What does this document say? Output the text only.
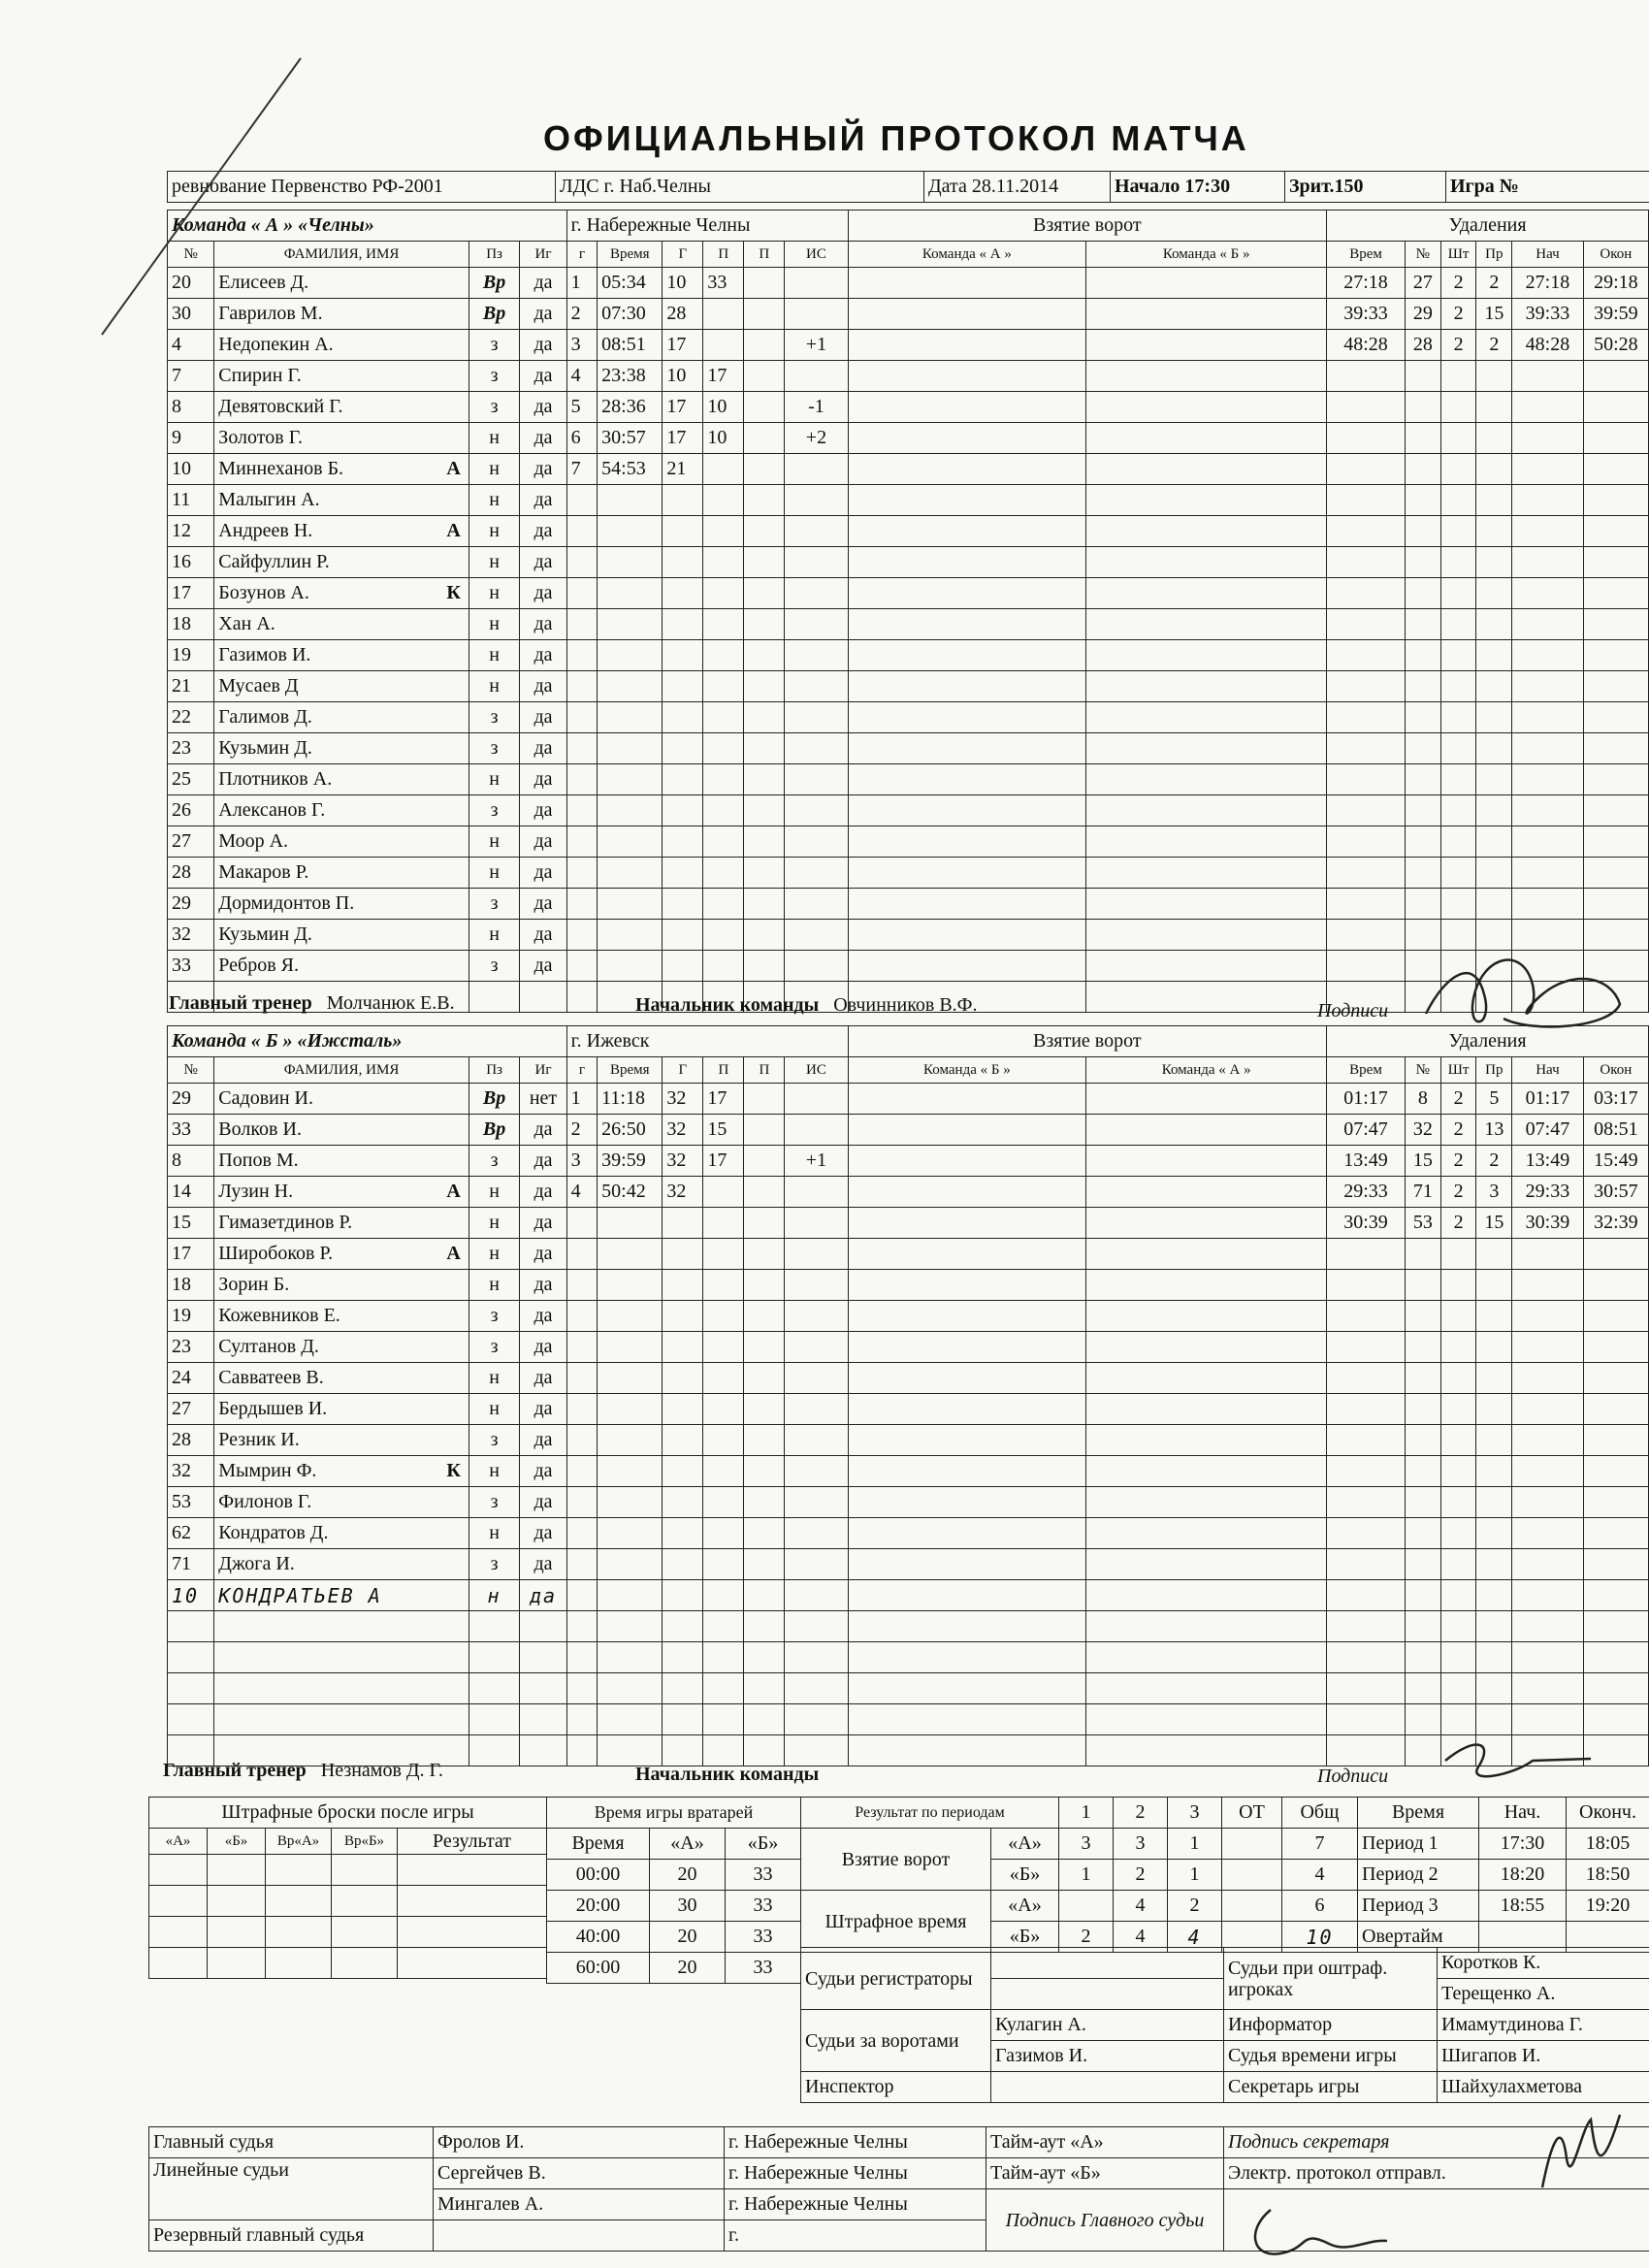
ОФИЦИАЛЬНЫЙ ПРОТОКОЛ МАТЧА
ревнование Первенство РФ-2001	ЛДС г. Наб.Челны	Дата 28.11.2014	Начало 17:30	Зрит.150	Игра №
Команда « А » «Челны»				г. Набережные Челны						Взятие ворот		Удаления					
№	ФАМИЛИЯ, ИМЯ	Пз	Иг	г	Время	Г	П	П	ИС	Команда « А »	Команда « Б »	Врем	№	Шт	Пр	Нач	Окон
20	Елисеев Д.	Вр	да	1	05:34	10	33					27:18	27	2	2	27:18	29:18
30	Гаврилов М.	Вр	да	2	07:30	28						39:33	29	2	15	39:33	39:59
4	Недопекин А.	з	да	3	08:51	17			+1			48:28	28	2	2	48:28	50:28
7	Спирин Г.	з	да	4	23:38	10	17										
8	Девятовский Г.	з	да	5	28:36	17	10		-1								
9	Золотов Г.	н	да	6	30:57	17	10		+2								
10	Миннеханов Б. А	н	да	7	54:53	21											
11	Малыгин А.	н	да														
12	Андреев Н. А	н	да														
16	Сайфуллин Р.	н	да														
17	Бозунов А. К	н	да														
18	Хан А.	н	да														
19	Газимов И.	н	да														
21	Мусаев Д	н	да														
22	Галимов Д.	з	да														
23	Кузьмин Д.	з	да														
25	Плотников А.	н	да														
26	Алексанов Г.	з	да														
27	Моор А.	н	да														
28	Макаров Р.	н	да														
29	Дормидонтов П.	з	да														
32	Кузьмин Д.	н	да														
33	Ребров Я.	з	да														

Главный тренер Молчанюк Е.В.	Начальник команды Овчинников В.Ф.	Подписи
Команда « Б » «Ижсталь»				г. Ижевск						Взятие ворот		Удаления					
№	ФАМИЛИЯ, ИМЯ	Пз	Иг	г	Время	Г	П	П	ИС	Команда « Б »	Команда « А »	Врем	№	Шт	Пр	Нач	Окон
29	Садовин И.	Вр	нет	1	11:18	32	17					01:17	8	2	5	01:17	03:17
33	Волков И.	Вр	да	2	26:50	32	15					07:47	32	2	13	07:47	08:51
8	Попов М.	з	да	3	39:59	32	17		+1			13:49	15	2	2	13:49	15:49
14	Лузин Н. А	н	да	4	50:42	32						29:33	71	2	3	29:33	30:57
15	Гимазетдинов Р.	н	да									30:39	53	2	15	30:39	32:39
17	Широбоков Р. А	н	да														
18	Зорин Б.	н	да														
19	Кожевников Е.	з	да														
23	Султанов Д.	з	да														
24	Савватеев В.	н	да														
27	Бердышев И.	н	да														
28	Резник И.	з	да														
32	Мымрин Ф. К	н	да														
53	Филонов Г.	з	да														
62	Кондратов Д.	н	да														
71	Джога И.	з	да														
10	КОНДРАТЬЕВ А	н	да														

Главный тренер Незнамов Д. Г.	Начальник команды	Подписи
Штрафные броски после игры				
«А»	«Б»	Вр«А»	Вр«Б»	Результат

Время игры вратарей		
Время	«А»	«Б»
00:00	20	33
20:00	30	33
40:00	20	33
60:00	20	33
Результат по периодам		1	2	3	ОТ	Общ
Взятие ворот	«А»	3	3	1		7
	«Б»	1	2	1		4
Штрафное время	«А»		4	2		6
	«Б»	2	4	4		10
Время	Нач.	Оконч.
Период 1	17:30	18:05
Период 2	18:20	18:50
Период 3	18:55	19:20
Овертайм		
Судьи регистраторы		Судьи при оштраф. игроках	Коротков К.
			Терещенко А.
Судьи за воротами	Кулагин А.	Информатор	Имамутдинова Г.
	Газимов И.	Судья времени игры	Шигапов И.
Инспектор		Секретарь игры	Шайхулахметова
Главный судья	Фролов И.	г. Набережные Челны	Тайм-аут «А»	Подпись секретаря
Линейные судьи	Сергейчев В.	г. Набережные Челны	Тайм-аут «Б»	Электр. протокол отправл.
	Мингалев А.	г. Набережные Челны	Подпись Главного судьи	
Резервный главный судья		г.		
